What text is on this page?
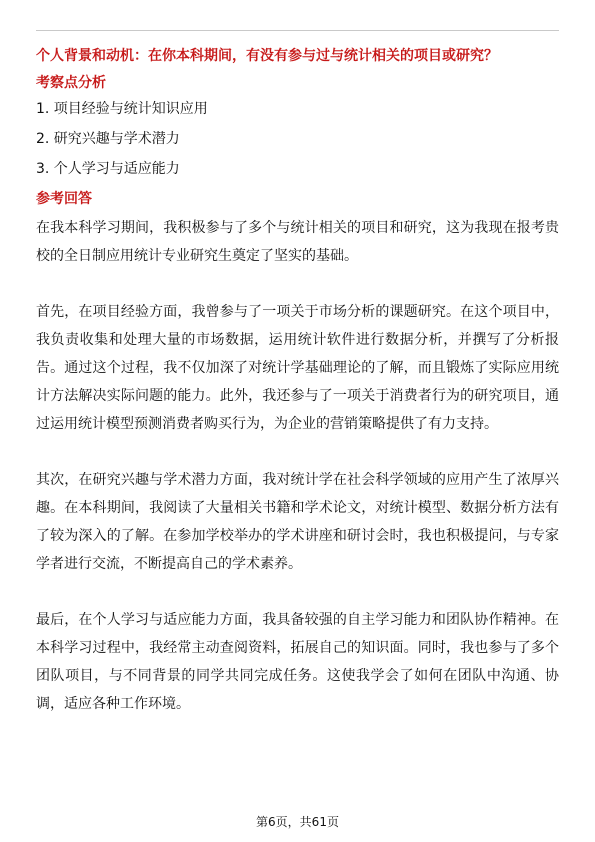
个人背景和动机：在你本科期间，有没有参与过与统计相关的项目或研究？
考察点分析
1. 项目经验与统计知识应用
2. 研究兴趣与学术潜力
3. 个人学习与适应能力
参考回答

在我本科学习期间，我积极参与了多个与统计相关的项目和研究，这为我现在报考贵校的全日制应用统计专业研究生奠定了坚实的基础。

首先，在项目经验方面，我曾参与了一项关于市场分析的课题研究。在这个项目中，我负责收集和处理大量的市场数据，运用统计软件进行数据分析，并撰写了分析报告。通过这个过程，我不仅加深了对统计学基础理论的了解，而且锻炼了实际应用统计方法解决实际问题的能力。此外，我还参与了一项关于消费者行为的研究项目，通过运用统计模型预测消费者购买行为，为企业的营销策略提供了有力支持。

其次，在研究兴趣与学术潜力方面，我对统计学在社会科学领域的应用产生了浓厚兴趣。在本科期间，我阅读了大量相关书籍和学术论文，对统计模型、数据分析方法有了较为深入的了解。在参加学校举办的学术讲座和研讨会时，我也积极提问，与专家学者进行交流，不断提高自己的学术素养。

最后，在个人学习与适应能力方面，我具备较强的自主学习能力和团队协作精神。在本科学习过程中，我经常主动查阅资料，拓展自己的知识面。同时，我也参与了多个团队项目，与不同背景的同学共同完成任务。这使我学会了如何在团队中沟通、协调，适应各种工作环境。

第6页，共61页
